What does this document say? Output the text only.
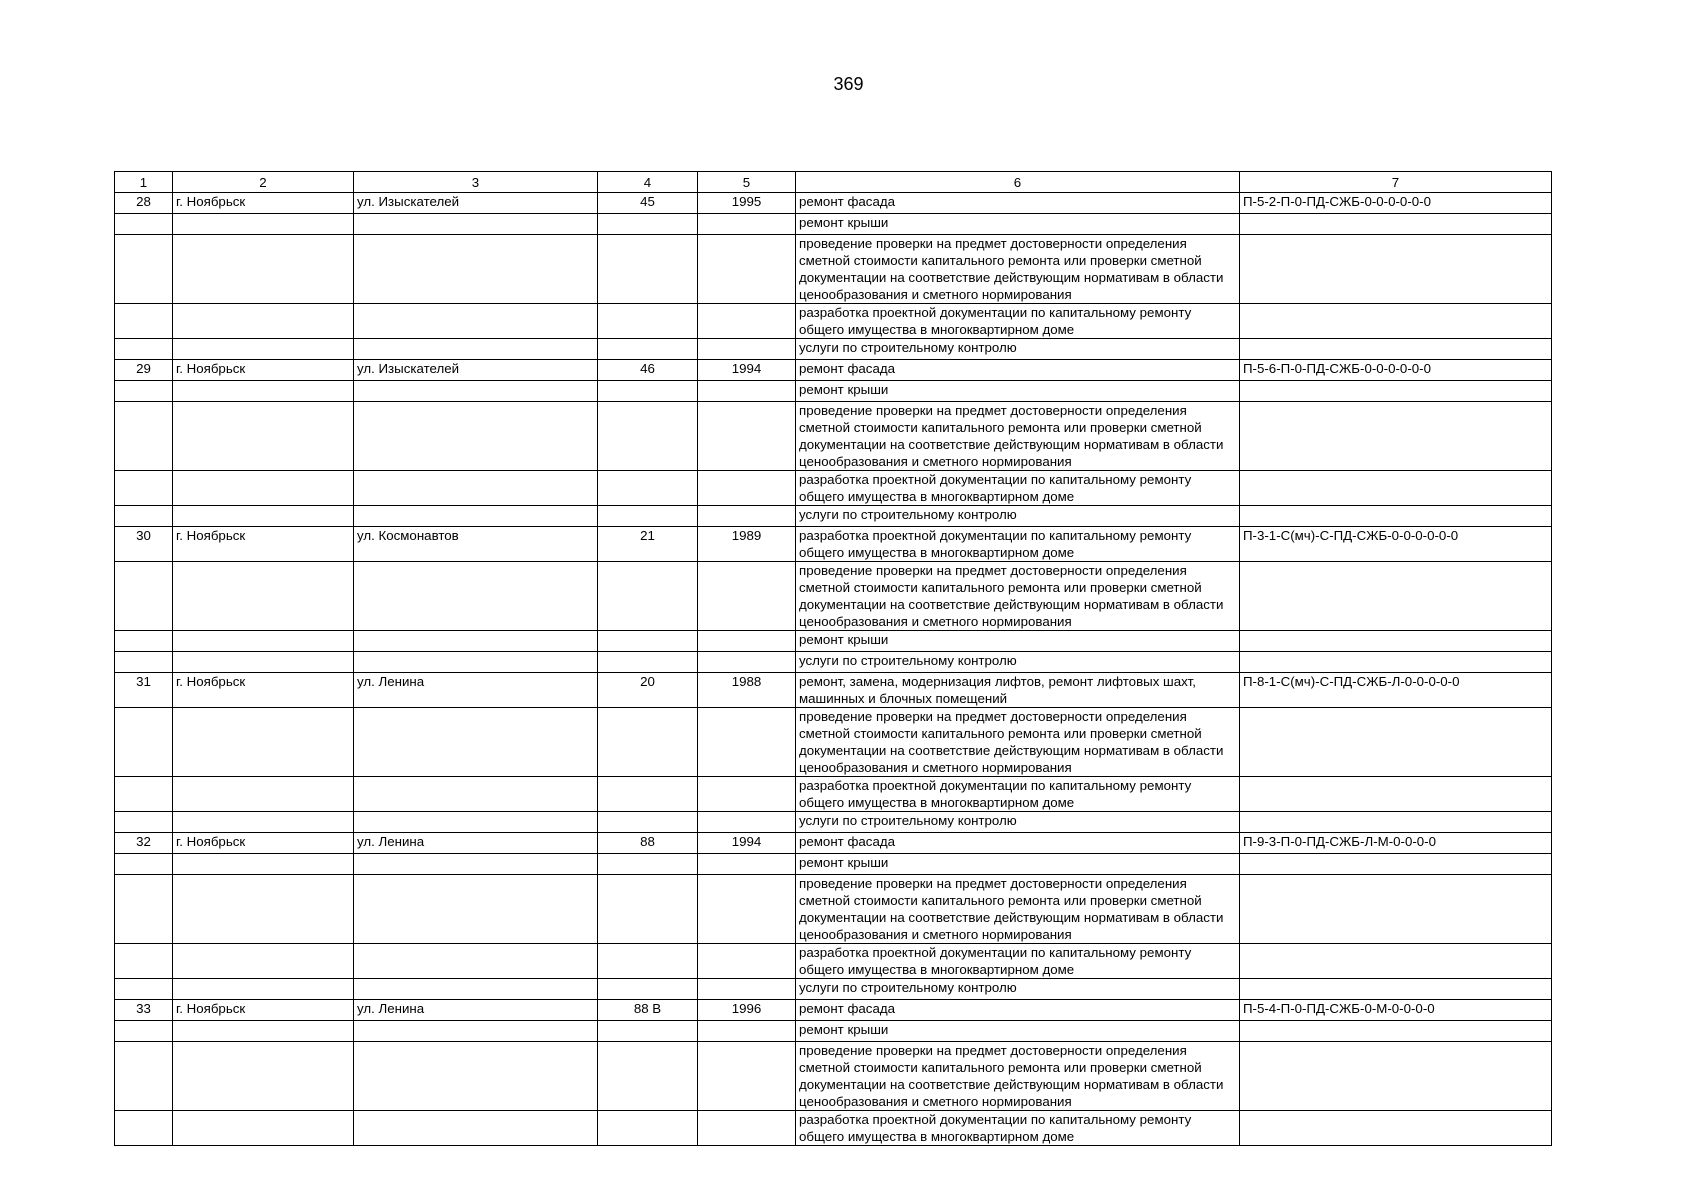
369
1	2	3	4	5	6	7
28	г. Ноябрьск	ул. Изыскателей	45	1995	ремонт фасада	П-5-2-П-0-ПД-СЖБ-0-0-0-0-0-0
					ремонт крыши	
					проведение проверки на предмет достоверности определения сметной стоимости капитального ремонта или проверки сметной документации на соответствие действующим нормативам в области ценообразования и сметного нормирования	
					разработка проектной документации по капитальному ремонту общего имущества в многоквартирном доме	
					услуги по строительному контролю	
29	г. Ноябрьск	ул. Изыскателей	46	1994	ремонт фасада	П-5-6-П-0-ПД-СЖБ-0-0-0-0-0-0
					ремонт крыши	
					проведение проверки на предмет достоверности определения сметной стоимости капитального ремонта или проверки сметной документации на соответствие действующим нормативам в области ценообразования и сметного нормирования	
					разработка проектной документации по капитальному ремонту общего имущества в многоквартирном доме	
					услуги по строительному контролю	
30	г. Ноябрьск	ул. Космонавтов	21	1989	разработка проектной документации по капитальному ремонту общего имущества в многоквартирном доме	П-3-1-С(мч)-С-ПД-СЖБ-0-0-0-0-0-0
					проведение проверки на предмет достоверности определения сметной стоимости капитального ремонта или проверки сметной документации на соответствие действующим нормативам в области ценообразования и сметного нормирования	
					ремонт крыши	
					услуги по строительному контролю	
31	г. Ноябрьск	ул. Ленина	20	1988	ремонт, замена, модернизация лифтов, ремонт лифтовых шахт, машинных и блочных помещений	П-8-1-С(мч)-С-ПД-СЖБ-Л-0-0-0-0-0
					проведение проверки на предмет достоверности определения сметной стоимости капитального ремонта или проверки сметной документации на соответствие действующим нормативам в области ценообразования и сметного нормирования	
					разработка проектной документации по капитальному ремонту общего имущества в многоквартирном доме	
					услуги по строительному контролю	
32	г. Ноябрьск	ул. Ленина	88	1994	ремонт фасада	П-9-3-П-0-ПД-СЖБ-Л-М-0-0-0-0
					ремонт крыши	
					проведение проверки на предмет достоверности определения сметной стоимости капитального ремонта или проверки сметной документации на соответствие действующим нормативам в области ценообразования и сметного нормирования	
					разработка проектной документации по капитальному ремонту общего имущества в многоквартирном доме	
					услуги по строительному контролю	
33	г. Ноябрьск	ул. Ленина	88 В	1996	ремонт фасада	П-5-4-П-0-ПД-СЖБ-0-М-0-0-0-0
					ремонт крыши	
					проведение проверки на предмет достоверности определения сметной стоимости капитального ремонта или проверки сметной документации на соответствие действующим нормативам в области ценообразования и сметного нормирования	
					разработка проектной документации по капитальному ремонту общего имущества в многоквартирном доме	
